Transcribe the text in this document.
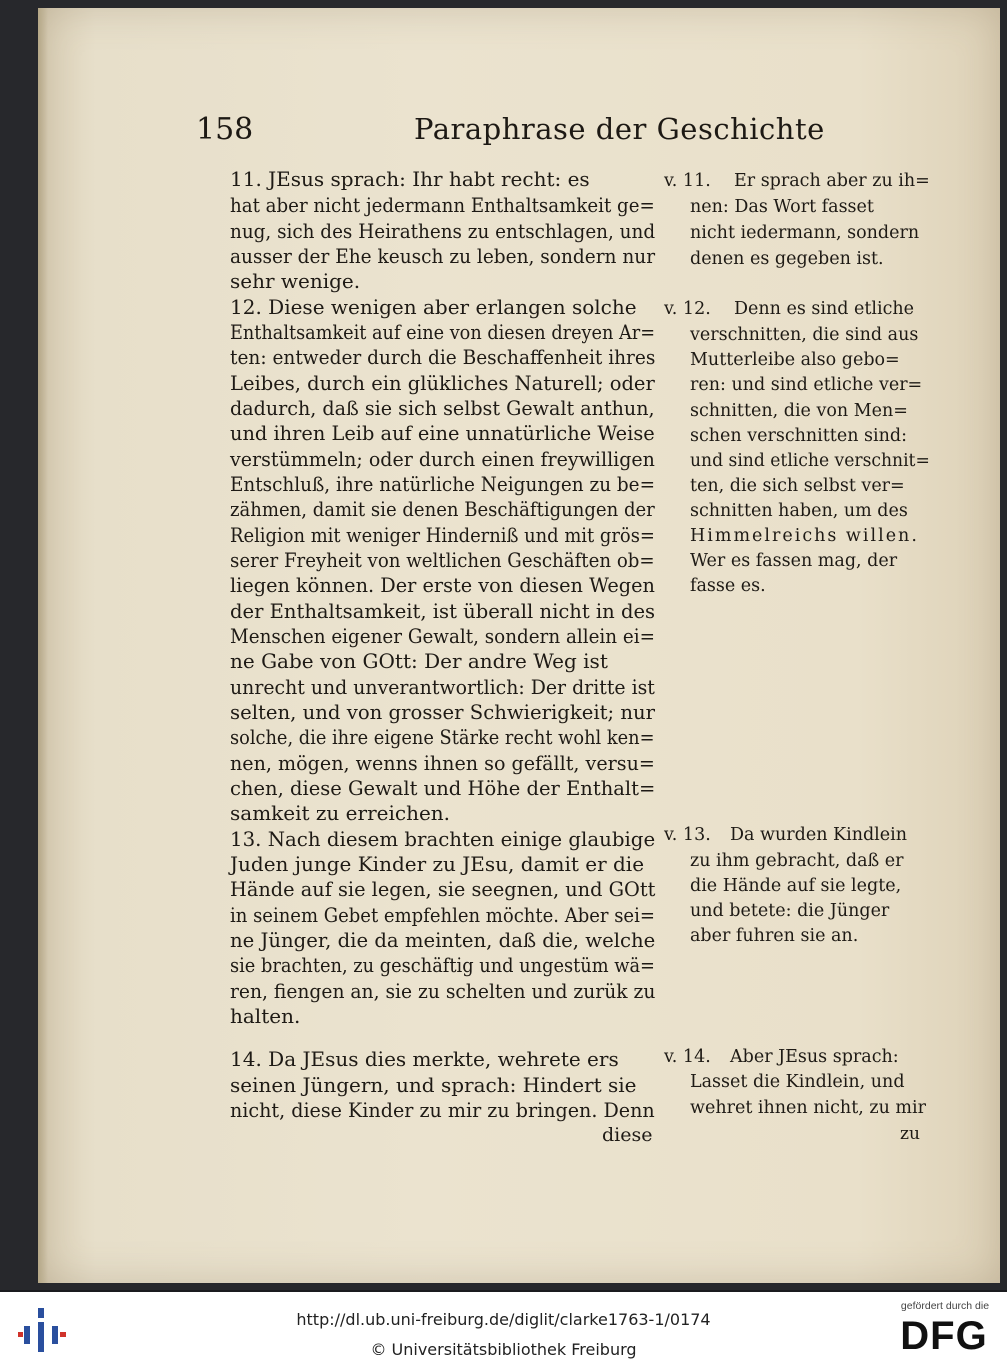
158	Paraphrase der Geschichte
11. JEsus sprach: Ihr habt recht: es
hat aber nicht jedermann Enthaltsamkeit ge=
nug, sich des Heirathens zu entschlagen, und
ausser der Ehe keusch zu leben, sondern nur
sehr wenige.
12. Diese wenigen aber erlangen solche
Enthaltsamkeit auf eine von diesen dreyen Ar=
ten: entweder durch die Beschaffenheit ihres
Leibes, durch ein glükliches Naturell; oder
dadurch, daß sie sich selbst Gewalt anthun,
und ihren Leib auf eine unnatürliche Weise
verstümmeln; oder durch einen freywilligen
Entschluß, ihre natürliche Neigungen zu be=
zähmen, damit sie denen Beschäftigungen der
Religion mit weniger Hinderniß und mit grös=
serer Freyheit von weltlichen Geschäften ob=
liegen können. Der erste von diesen Wegen
der Enthaltsamkeit, ist überall nicht in des
Menschen eigener Gewalt, sondern allein ei=
ne Gabe von GOtt: Der andre Weg ist
unrecht und unverantwortlich: Der dritte ist
selten, und von grosser Schwierigkeit; nur
solche, die ihre eigene Stärke recht wohl ken=
nen, mögen, wenns ihnen so gefällt, versu=
chen, diese Gewalt und Höhe der Enthalt=
samkeit zu erreichen.
13. Nach diesem brachten einige glaubige
Juden junge Kinder zu JEsu, damit er die
Hände auf sie legen, sie seegnen, und GOtt
in seinem Gebet empfehlen möchte. Aber sei=
ne Jünger, die da meinten, daß die, welche
sie brachten, zu geschäftig und ungestüm wä=
ren, fiengen an, sie zu schelten und zurük zu
halten.
14. Da JEsus dies merkte, wehrete ers
seinen Jüngern, und sprach: Hindert sie
nicht, diese Kinder zu mir zu bringen. Denn
diese
v. 11.
v. 12.
v. 13.
v. 14.
Er sprach aber zu ih=
nen: Das Wort fasset
nicht iedermann, sondern
denen es gegeben ist.
Denn es sind etliche
verschnitten, die sind aus
Mutterleibe also gebo=
ren: und sind etliche ver=
schnitten, die von Men=
schen verschnitten sind:
und sind etliche verschnit=
ten, die sich selbst ver=
schnitten haben, um des
Himmelreichs willen.
Wer es fassen mag, der
fasse es.
Da wurden Kindlein
zu ihm gebracht, daß er
die Hände auf sie legte,
und betete: die Jünger
aber fuhren sie an.
Aber JEsus sprach:
Lasset die Kindlein, und
wehret ihnen nicht, zu mir
zu
http://dl.ub.uni-freiburg.de/diglit/clarke1763-1/0174
© Universitätsbibliothek Freiburg
gefördert durch die
DFG
